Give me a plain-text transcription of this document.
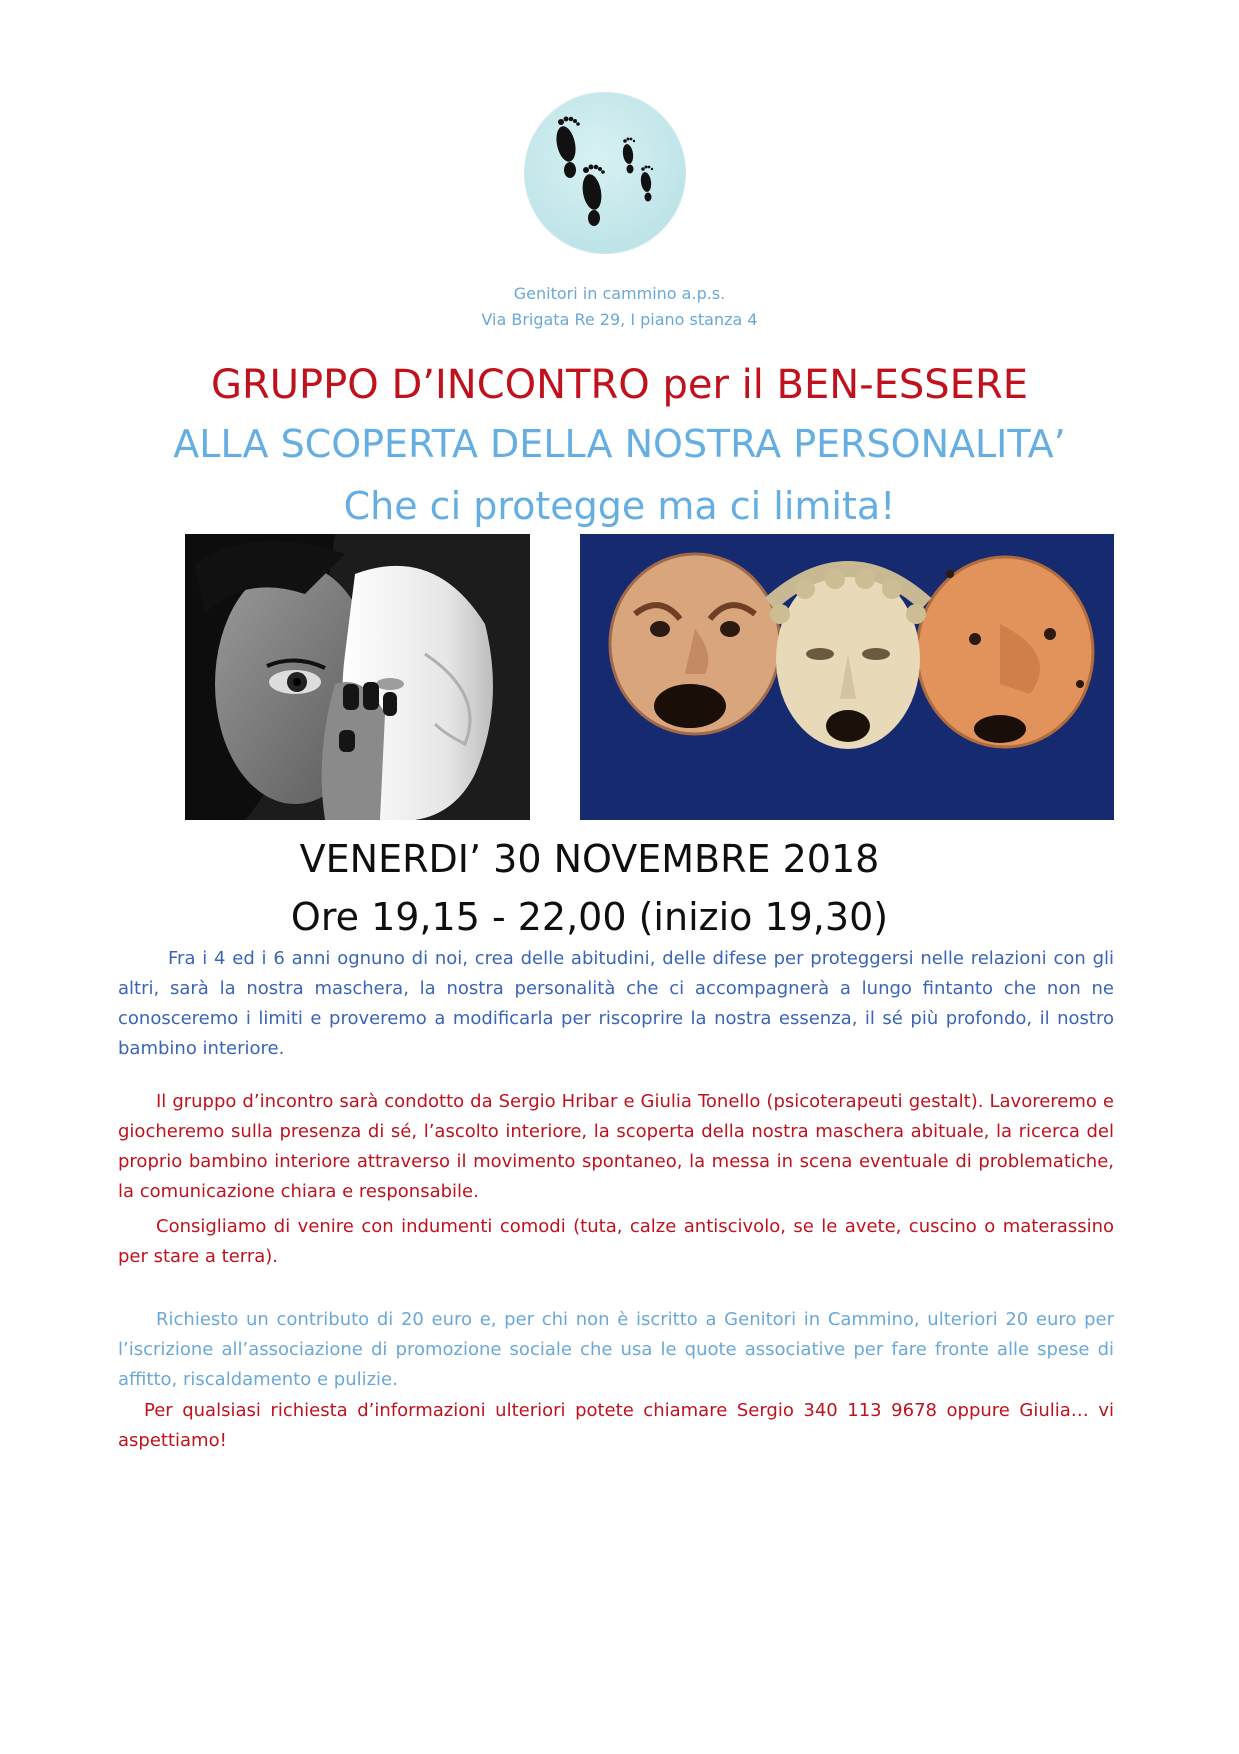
Genitori in cammino a.p.s.
Via Brigata Re 29, I piano stanza 4
GRUPPO D’INCONTRO per il BEN-ESSERE
ALLA SCOPERTA DELLA NOSTRA PERSONALITA’
Che ci protegge ma ci limita!
VENERDI’ 30 NOVEMBRE 2018
Ore 19,15 - 22,00 (inizio 19,30)
Fra i 4 ed i 6 anni ognuno di noi, crea delle abitudini, delle difese per proteggersi nelle relazioni con gli altri, sarà la nostra maschera, la nostra personalità che ci accompagnerà a lungo fintanto che non ne conosceremo i limiti e proveremo a modificarla per riscoprire la nostra essenza, il sé più profondo, il nostro bambino interiore.
Il gruppo d’incontro sarà condotto da Sergio Hribar e Giulia Tonello (psicoterapeuti gestalt). Lavoreremo e giocheremo sulla presenza di sé, l’ascolto interiore, la scoperta della nostra maschera abituale, la ricerca del proprio bambino interiore attraverso il movimento spontaneo, la messa in scena eventuale di problematiche, la comunicazione chiara e responsabile.
Consigliamo di venire con indumenti comodi (tuta, calze antiscivolo, se le avete, cuscino o materassino per stare a terra).
Richiesto un contributo di 20 euro e, per chi non è iscritto a Genitori in Cammino, ulteriori 20 euro per l’iscrizione all’associazione di promozione sociale che usa le quote associative per fare fronte alle spese di affitto, riscaldamento e pulizie.
Per qualsiasi richiesta d’informazioni ulteriori potete chiamare Sergio 340 113 9678 oppure Giulia… vi aspettiamo!
